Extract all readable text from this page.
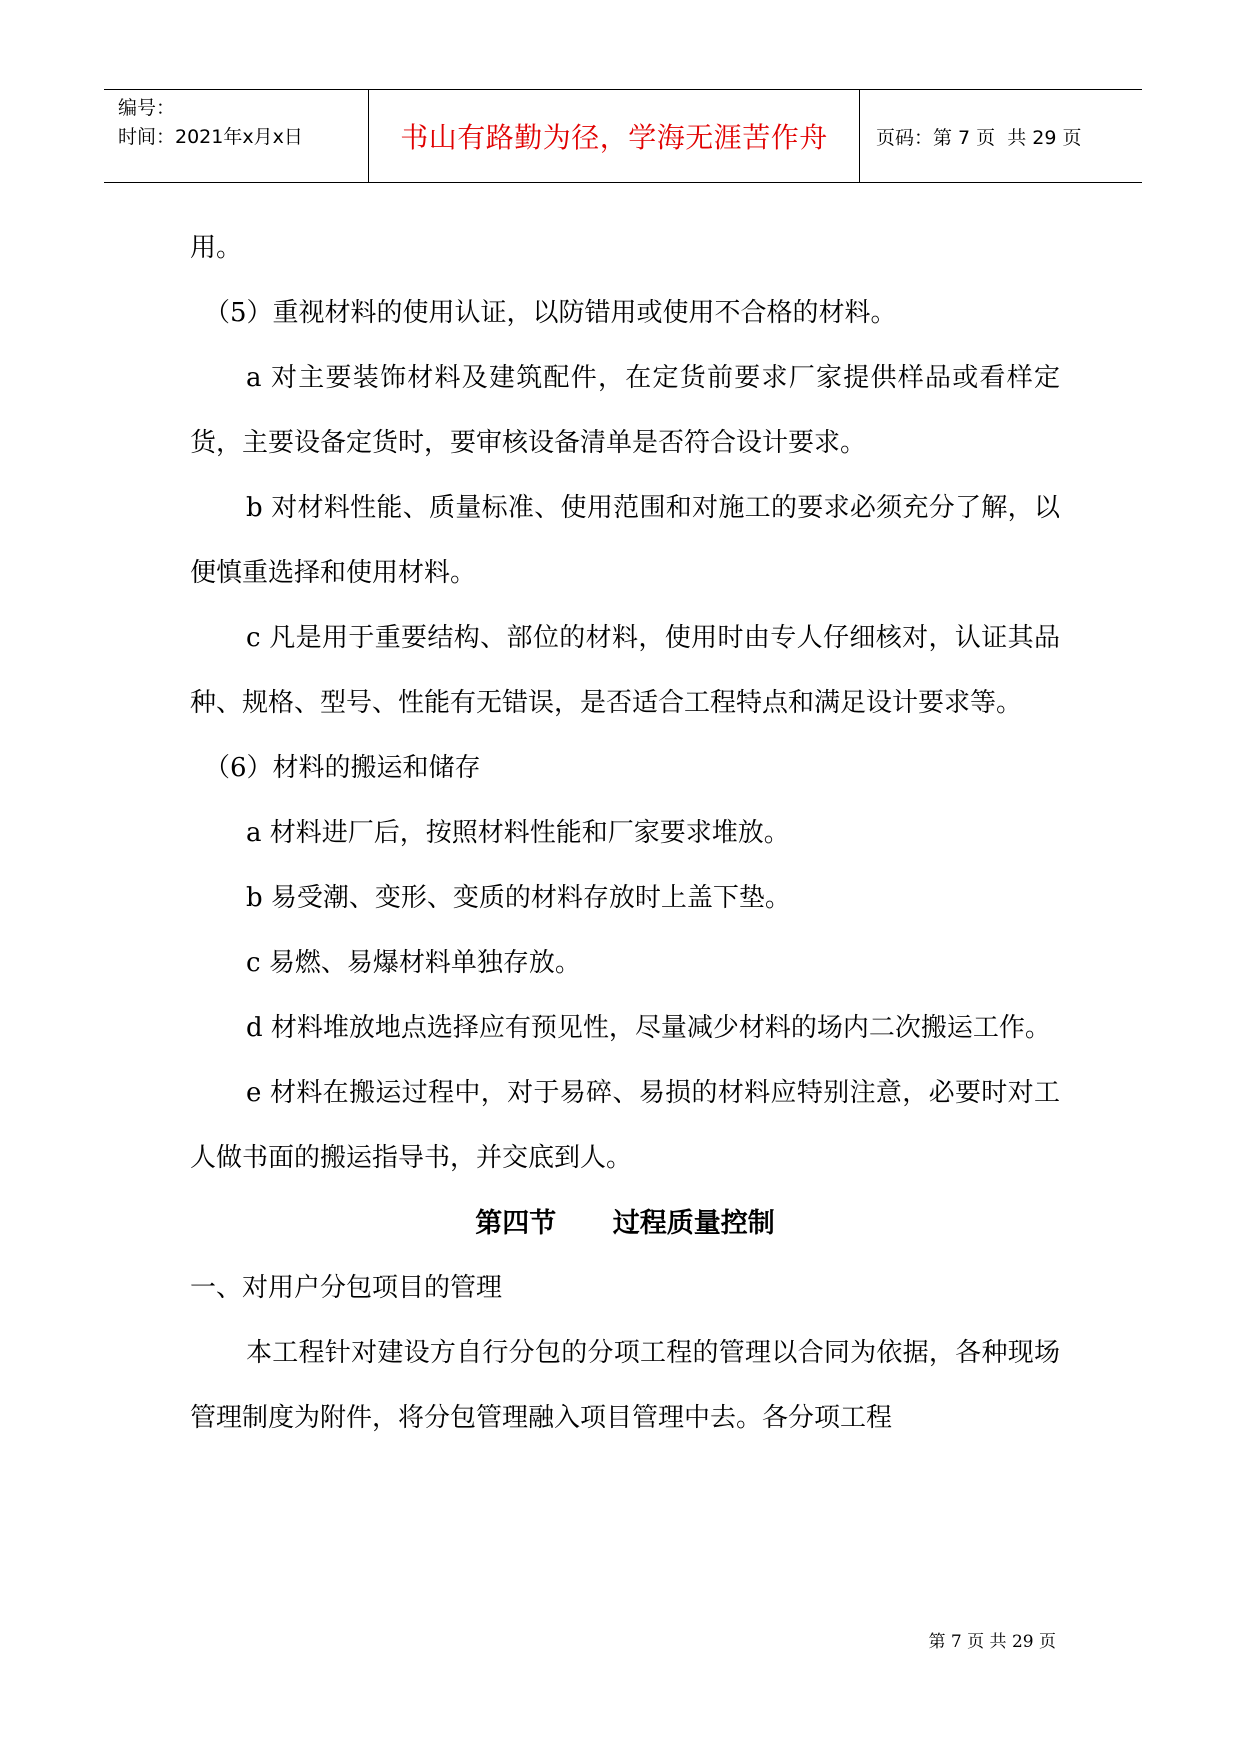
编号：
时间：2021年x月x日	书山有路勤为径，学海无涯苦作舟	页码：第 7 页  共 29 页

用。

（5）重视材料的使用认证，以防错用或使用不合格的材料。

a 对主要装饰材料及建筑配件，在定货前要求厂家提供样品或看样定货，主要设备定货时，要审核设备清单是否符合设计要求。

b 对材料性能、质量标准、使用范围和对施工的要求必须充分了解，以便慎重选择和使用材料。

c 凡是用于重要结构、部位的材料，使用时由专人仔细核对，认证其品种、规格、型号、性能有无错误，是否适合工程特点和满足设计要求等。

（6）材料的搬运和储存

a 材料进厂后，按照材料性能和厂家要求堆放。

b 易受潮、变形、变质的材料存放时上盖下垫。

c 易燃、易爆材料单独存放。

d 材料堆放地点选择应有预见性，尽量减少材料的场内二次搬运工作。

e 材料在搬运过程中，对于易碎、易损的材料应特别注意，必要时对工人做书面的搬运指导书，并交底到人。

第四节      过程质量控制

一、对用户分包项目的管理

本工程针对建设方自行分包的分项工程的管理以合同为依据，各种现场管理制度为附件，将分包管理融入项目管理中去。各分项工程

第 7 页 共 29 页
